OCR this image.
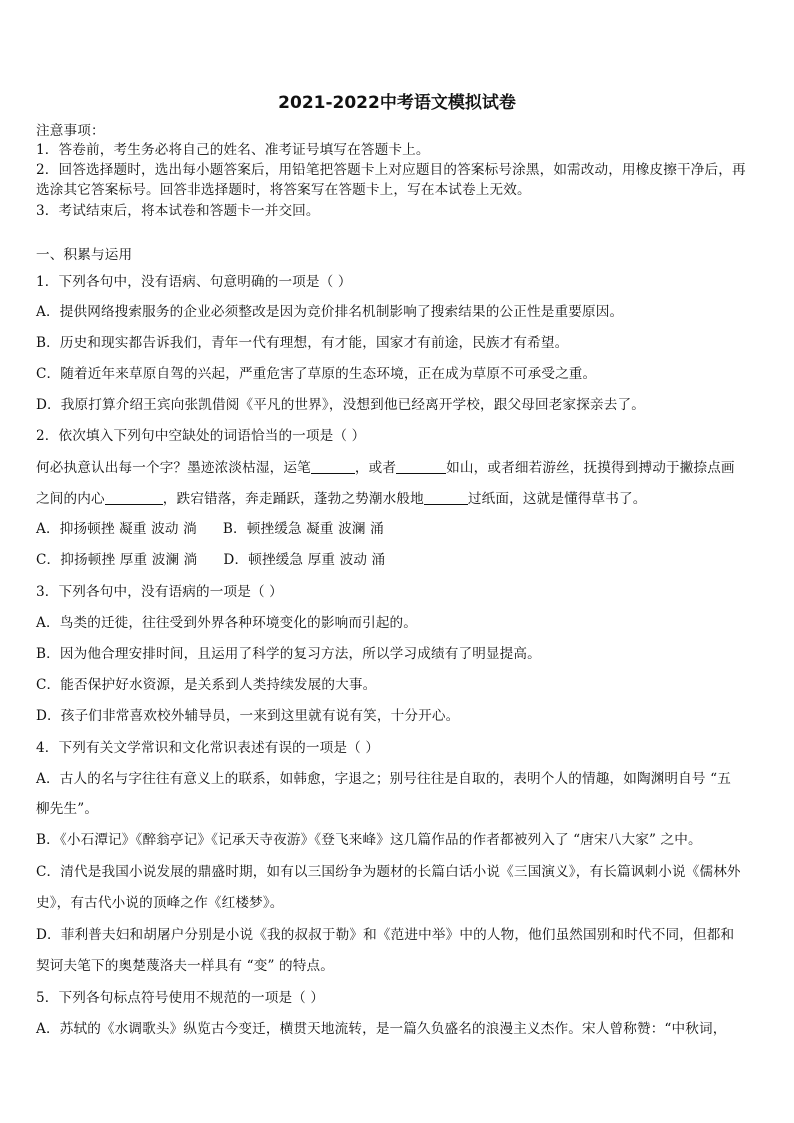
2021-2022中考语文模拟试卷
注意事项：
1．答卷前，考生务必将自己的姓名、准考证号填写在答题卡上。
2．回答选择题时，选出每小题答案后，用铅笔把答题卡上对应题目的答案标号涂黑，如需改动，用橡皮擦干净后，再
选涂其它答案标号。回答非选择题时，将答案写在答题卡上，写在本试卷上无效。
3．考试结束后，将本试卷和答题卡一并交回。
一、积累与运用
1．下列各句中，没有语病、句意明确的一项是（ ）
A．提供网络搜索服务的企业必须整改是因为竞价排名机制影响了搜索结果的公正性是重要原因。
B．历史和现实都告诉我们，青年一代有理想，有才能，国家才有前途，民族才有希望。
C．随着近年来草原自驾的兴起，严重危害了草原的生态环境，正在成为草原不可承受之重。
D．我原打算介绍王宾向张凯借阅《平凡的世界》，没想到他已经离开学校，跟父母回老家探亲去了。
2．依次填入下列句中空缺处的词语恰当的一项是（ ）
何必执意认出每一个字？墨迹浓淡枯湿，运笔	，或者	如山，或者细若游丝，抚摸得到搏动于撇捺点画
之间的内心	，跌宕错落，奔走踊跃，蓬勃之势潮水般地	过纸面，这就是懂得草书了。
A．抑扬顿挫 凝重 波动 淌 B．顿挫缓急 凝重 波澜 涌
C．抑扬顿挫 厚重 波澜 淌 D．顿挫缓急 厚重 波动 涌
3．下列各句中，没有语病的一项是（ ）
A．鸟类的迁徙，往往受到外界各种环境变化的影响而引起的。
B．因为他合理安排时间，且运用了科学的复习方法，所以学习成绩有了明显提高。
C．能否保护好水资源，是关系到人类持续发展的大事。
D．孩子们非常喜欢校外辅导员，一来到这里就有说有笑，十分开心。
4．下列有关文学常识和文化常识表述有误的一项是（ ）
A．古人的名与字往往有意义上的联系，如韩愈，字退之；别号往往是自取的，表明个人的情趣，如陶渊明自号 “五
柳先生”。
B．《小石潭记》《醉翁亭记》《记承天寺夜游》《登飞来峰》这几篇作品的作者都被列入了 “唐宋八大家” 之中。
C．清代是我国小说发展的鼎盛时期，如有以三国纷争为题材的长篇白话小说《三国演义》，有长篇讽刺小说《儒林外
史》，有古代小说的顶峰之作《红楼梦》。
D．菲利普夫妇和胡屠户分别是小说《我的叔叔于勒》和《范进中举》中的人物，他们虽然国别和时代不同，但都和
契诃夫笔下的奥楚蔑洛夫一样具有 “变” 的特点。
5．下列各句标点符号使用不规范的一项是（ ）
A．苏轼的《水调歌头》纵览古今变迁，横贯天地流转，是一篇久负盛名的浪漫主义杰作。宋人曾称赞：“中秋词，
